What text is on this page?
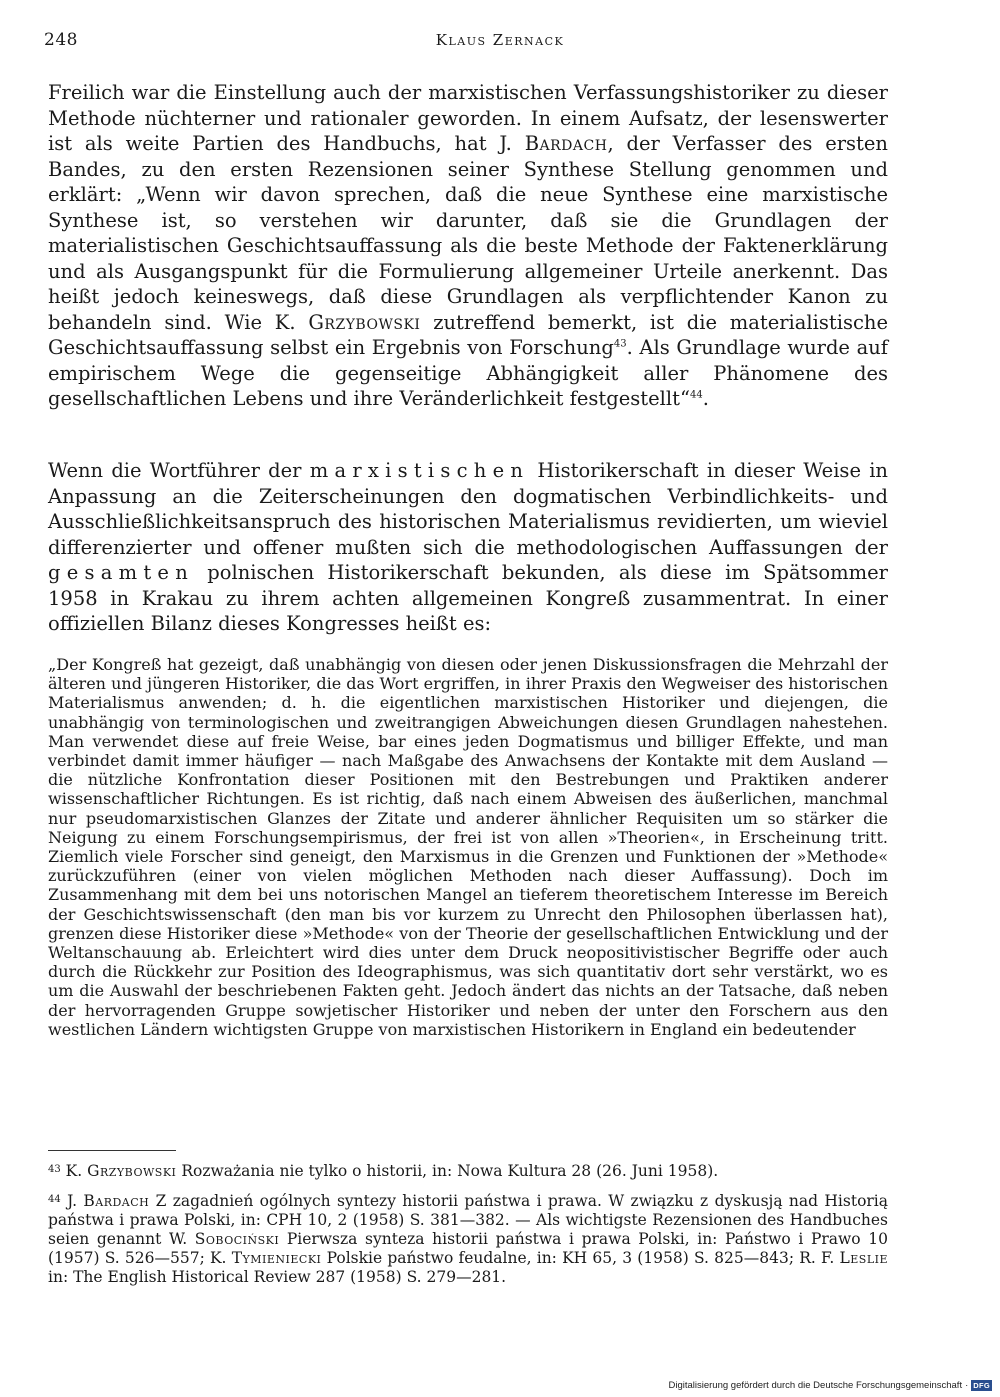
248	Klaus Zernack

Freilich war die Einstellung auch der marxistischen Verfassungshistoriker zu dieser Methode nüchterner und rationaler geworden. In einem Aufsatz, der lesenswerter ist als weite Partien des Handbuchs, hat J. Bardach, der Verfasser des ersten Bandes, zu den ersten Rezensionen seiner Synthese Stellung genommen und erklärt: „Wenn wir davon sprechen, daß die neue Synthese eine marxistische Synthese ist, so verstehen wir darunter, daß sie die Grundlagen der materialistischen Geschichtsauffassung als die beste Methode der Faktenerklärung und als Ausgangspunkt für die Formulierung allgemeiner Urteile anerkennt. Das heißt jedoch keineswegs, daß diese Grundlagen als verpflichtender Kanon zu behandeln sind. Wie K. Grzybowski zutreffend bemerkt, ist die materialistische Geschichtsauffassung selbst ein Ergebnis von Forschung$^{43}$. Als Grundlage wurde auf empirischem Wege die gegenseitige Abhängigkeit aller Phänomene des gesellschaftlichen Lebens und ihre Veränderlichkeit festgestellt“$^{44}$.

Wenn die Wortführer der marxistischen Historikerschaft in dieser Weise in Anpassung an die Zeiterscheinungen den dogmatischen Verbindlichkeits- und Ausschließlichkeitsanspruch des historischen Materialismus revidierten, um wieviel differenzierter und offener mußten sich die methodologischen Auffassungen der gesamten polnischen Historikerschaft bekunden, als diese im Spätsommer 1958 in Krakau zu ihrem achten allgemeinen Kongreß zusammentrat. In einer offiziellen Bilanz dieses Kongresses heißt es:

„Der Kongreß hat gezeigt, daß unabhängig von diesen oder jenen Diskussionsfragen die Mehrzahl der älteren und jüngeren Historiker, die das Wort ergriffen, in ihrer Praxis den Wegweiser des historischen Materialismus anwenden; d. h. die eigentlichen marxistischen Historiker und diejengen, die unabhängig von terminologischen und zweitrangigen Abweichungen diesen Grundlagen nahestehen. Man verwendet diese auf freie Weise, bar eines jeden Dogmatismus und billiger Effekte, und man verbindet damit immer häufiger — nach Maßgabe des Anwachsens der Kontakte mit dem Ausland — die nützliche Konfrontation dieser Positionen mit den Bestrebungen und Praktiken anderer wissenschaftlicher Richtungen. Es ist richtig, daß nach einem Abweisen des äußerlichen, manchmal nur pseudomarxistischen Glanzes der Zitate und anderer ähnlicher Requisiten um so stärker die Neigung zu einem Forschungsempirismus, der frei ist von allen »Theorien«, in Erscheinung tritt. Ziemlich viele Forscher sind geneigt, den Marxismus in die Grenzen und Funktionen der »Methode« zurückzuführen (einer von vielen möglichen Methoden nach dieser Auffassung). Doch im Zusammenhang mit dem bei uns notorischen Mangel an tieferem theoretischem Interesse im Bereich der Geschichtswissenschaft (den man bis vor kurzem zu Unrecht den Philosophen überlassen hat), grenzen diese Historiker diese »Methode« von der Theorie der gesellschaftlichen Entwicklung und der Weltanschauung ab. Erleichtert wird dies unter dem Druck neopositivistischer Begriffe oder auch durch die Rückkehr zur Position des Ideographismus, was sich quantitativ dort sehr verstärkt, wo es um die Auswahl der beschriebenen Fakten geht. Jedoch ändert das nichts an der Tatsache, daß neben der hervorragenden Gruppe sowjetischer Historiker und neben der unter den Forschern aus den westlichen Ländern wichtigsten Gruppe von marxistischen Historikern in England ein bedeutender

$^{43}$ K. Grzybowski Rozważania nie tylko o historii, in: Nowa Kultura 28 (26. Juni 1958).

$^{44}$ J. Bardach Z zagadnień ogólnych syntezy historii państwa i prawa. W związku z dyskusją nad Historią państwa i prawa Polski, in: CPH 10, 2 (1958) S. 381—382. — Als wichtigste Rezensionen des Handbuches seien genannt W. Sobociński Pierwsza synteza historii państwa i prawa Polski, in: Państwo i Prawo 10 (1957) S. 526—557; K. Tymieniecki Polskie państwo feudalne, in: KH 65, 3 (1958) S. 825—843; R. F. Leslie in: The English Historical Review 287 (1958) S. 279—281.

Digitalisierung gefördert durch die Deutsche Forschungsgemeinschaft · DFG
